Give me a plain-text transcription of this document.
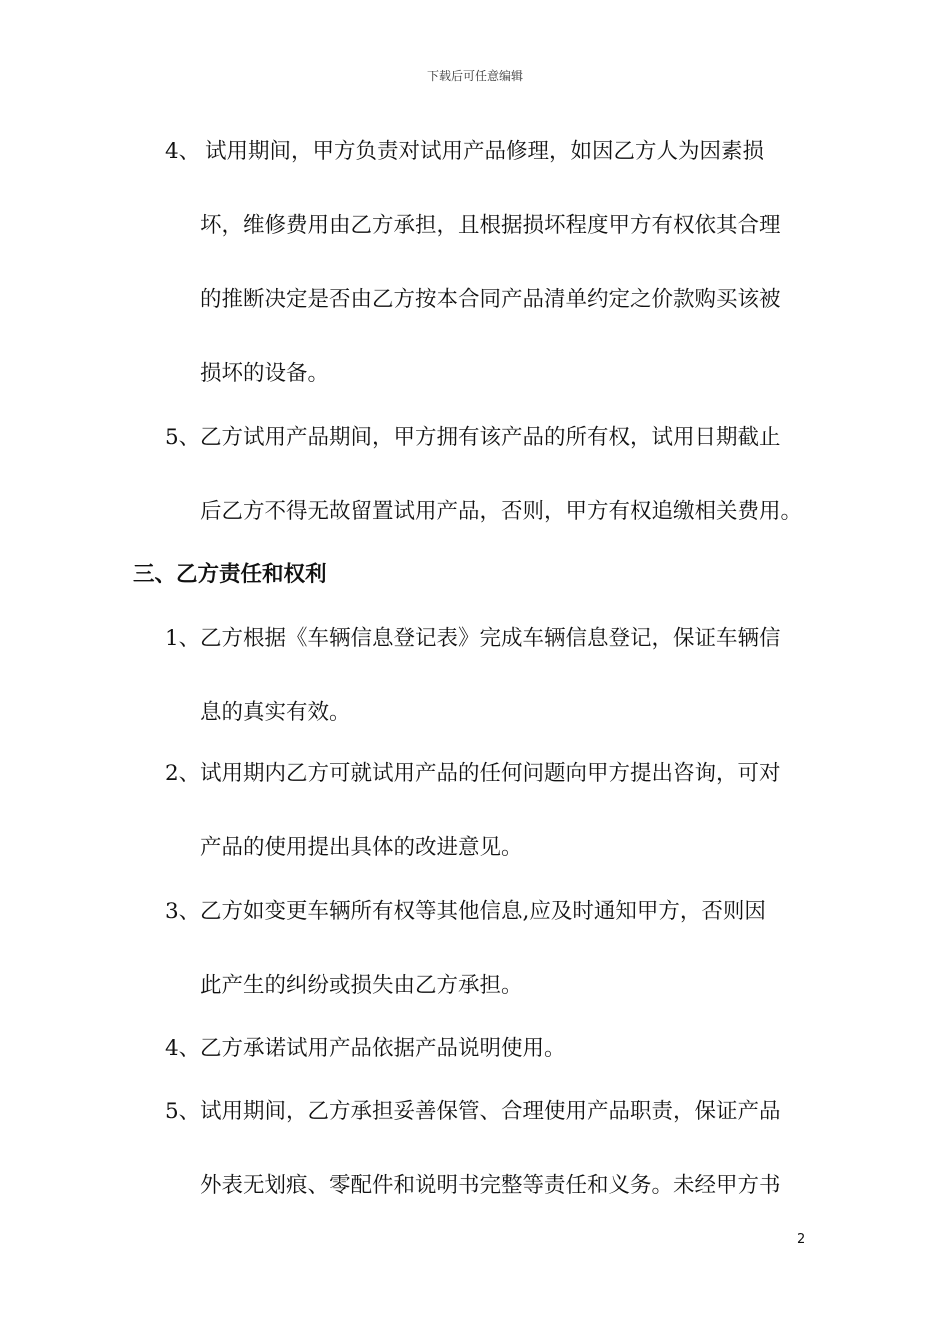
下载后可任意编辑
4、 试用期间，甲方负责对试用产品修理，如因乙方人为因素损
坏，维修费用由乙方承担，且根据损坏程度甲方有权依其合理
的推断决定是否由乙方按本合同产品清单约定之价款购买该被
损坏的设备。
5、 乙方试用产品期间，甲方拥有该产品的所有权，试用日期截止
后乙方不得无故留置试用产品，否则，甲方有权追缴相关费用。
三、乙方责任和权利
1、 乙方根据《车辆信息登记表》完成车辆信息登记，保证车辆信
息的真实有效。
2、 试用期内乙方可就试用产品的任何问题向甲方提出咨询，可对
产品的使用提出具体的改进意见。
3、 乙方如变更车辆所有权等其他信息,应及时通知甲方，否则因
此产生的纠纷或损失由乙方承担。
4、 乙方承诺试用产品依据产品说明使用。
5、 试用期间，乙方承担妥善保管、合理使用产品职责，保证产品
外表无划痕、零配件和说明书完整等责任和义务。未经甲方书
2
